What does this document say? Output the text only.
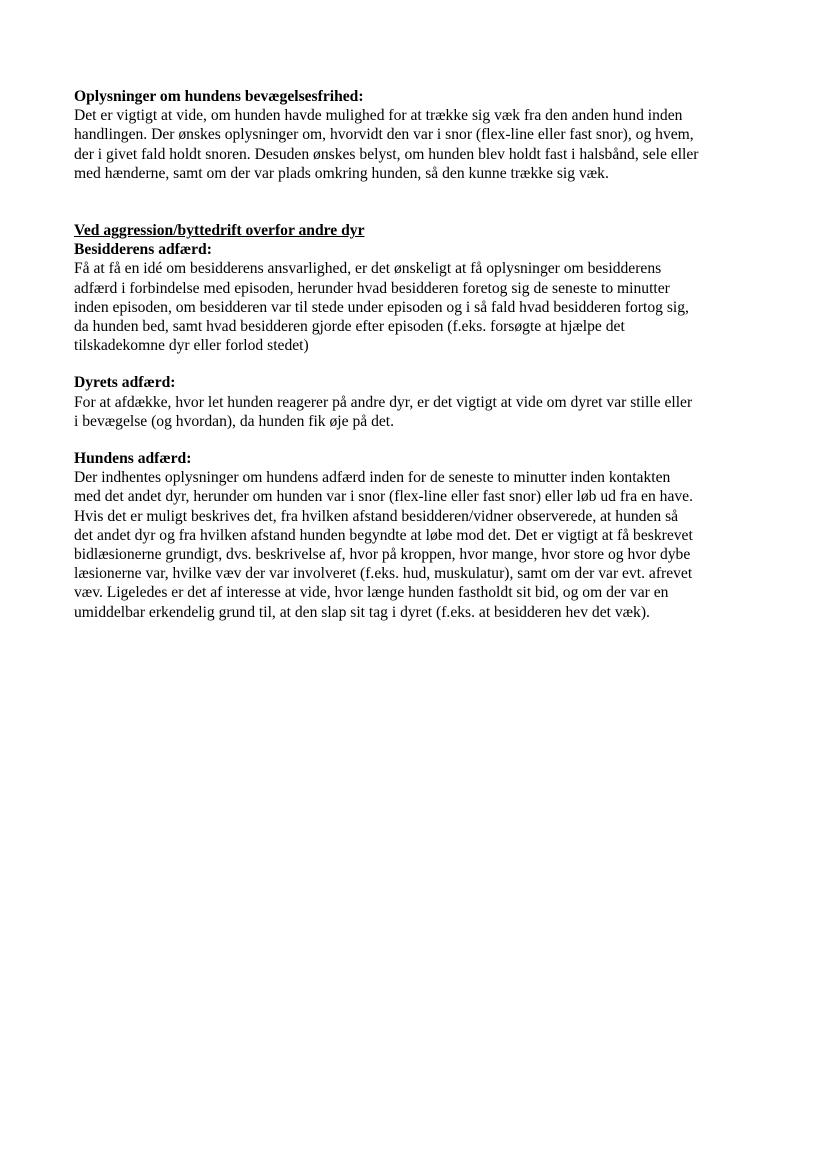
Oplysninger om hundens bevægelsesfrihed:

Det er vigtigt at vide, om hunden havde mulighed for at trække sig væk fra den anden hund inden
handlingen. Der ønskes oplysninger om, hvorvidt den var i snor (flex-line eller fast snor), og hvem,
der i givet fald holdt snoren. Desuden ønskes belyst, om hunden blev holdt fast i halsbånd, sele eller
med hænderne, samt om der var plads omkring hunden, så den kunne trække sig væk.

Ved aggression/byttedrift overfor andre dyr

Besidderens adfærd:

Få at få en idé om besidderens ansvarlighed, er det ønskeligt at få oplysninger om besidderens
adfærd i forbindelse med episoden, herunder hvad besidderen foretog sig de seneste to minutter
inden episoden, om besidderen var til stede under episoden og i så fald hvad besidderen fortog sig,
da hunden bed, samt hvad besidderen gjorde efter episoden (f.eks. forsøgte at hjælpe det
tilskadekomne dyr eller forlod stedet)

Dyrets adfærd:

For at afdække, hvor let hunden reagerer på andre dyr, er det vigtigt at vide om dyret var stille eller
i bevægelse (og hvordan), da hunden fik øje på det.

Hundens adfærd:

Der indhentes oplysninger om hundens adfærd inden for de seneste to minutter inden kontakten
med det andet dyr, herunder om hunden var i snor (flex-line eller fast snor) eller løb ud fra en have.
Hvis det er muligt beskrives det, fra hvilken afstand besidderen/vidner observerede, at hunden så
det andet dyr og fra hvilken afstand hunden begyndte at løbe mod det. Det er vigtigt at få beskrevet
bidlæsionerne grundigt, dvs. beskrivelse af, hvor på kroppen, hvor mange, hvor store og hvor dybe
læsionerne var, hvilke væv der var involveret (f.eks. hud, muskulatur), samt om der var evt. afrevet
væv. Ligeledes er det af interesse at vide, hvor længe hunden fastholdt sit bid, og om der var en
umiddelbar erkendelig grund til, at den slap sit tag i dyret (f.eks. at besidderen hev det væk).
